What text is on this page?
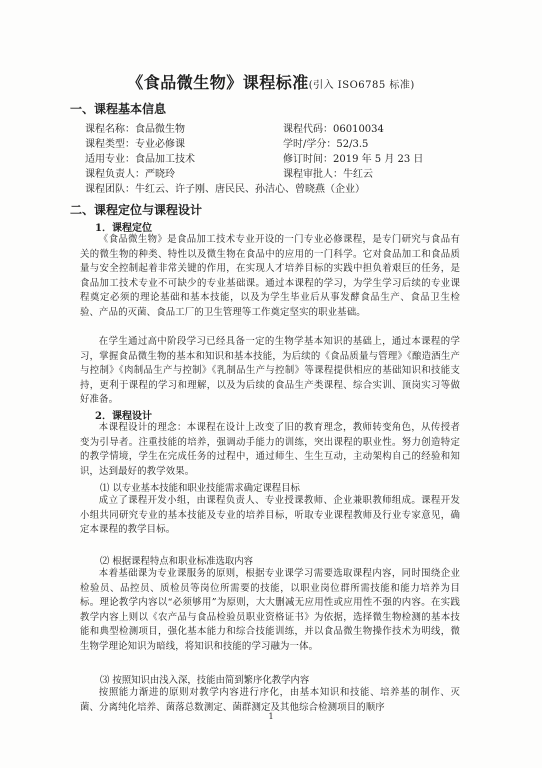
《食品微生物》课程标准(引入 ISO6785 标准)
一、课程基本信息
课程名称：食品微生物
课程类型：专业必修课
适用专业：食品加工技术
课程负责人：严晓玲
课程团队：牛红云、许子刚、唐民民、孙洁心、曾晓燕（企业）
课程代码：06010034
学时/学分：52/3.5
修订时间：2019 年 5 月 23 日
课程审批人：牛红云
二、课程定位与课程设计
1．课程定位
《食品微生物》是食品加工技术专业开设的一门专业必修课程，是专门研究与食品有关的微生物的种类、特性以及微生物在食品中的应用的一门科学。它对食品加工和食品质量与安全控制起着非常关键的作用，在实现人才培养目标的实践中担负着艰巨的任务，是食品加工技术专业不可缺少的专业基础课。通过本课程的学习，为学生学习后续的专业课程奠定必须的理论基础和基本技能，以及为学生毕业后从事发酵食品生产、食品卫生检验、产品的灭菌、食品工厂的卫生管理等工作奠定坚实的职业基础。
在学生通过高中阶段学习已经具备一定的生物学基本知识的基础上，通过本课程的学习，掌握食品微生物的基本和知识和基本技能，为后续的《食品质量与管理》《酿造酒生产与控制》《肉制品生产与控制》《乳制品生产与控制》等课程提供相应的基础知识和技能支持，更利于课程的学习和理解，以及为后续的食品生产类课程、综合实训、顶岗实习等做好准备。
2．课程设计
本课程设计的理念：本课程在设计上改变了旧的教育理念，教师转变角色，从传授者变为引导者。注重技能的培养，强调动手能力的训练，突出课程的职业性。努力创造特定的教学情境，学生在完成任务的过程中，通过师生、生生互动，主动架构自己的经验和知识，达到最好的教学效果。
⑴ 以专业基本技能和职业技能需求确定课程目标
成立了课程开发小组，由课程负责人、专业授课教师、企业兼职教师组成。课程开发小组共同研究专业的基本技能及专业的培养目标，听取专业课程教师及行业专家意见，确定本课程的教学目标。
⑵ 根据课程特点和职业标准选取内容
本着基础课为专业课服务的原则，根据专业课学习需要选取课程内容，同时围绕企业检验员、品控员、质检员等岗位所需要的技能，以职业岗位群所需技能和能力培养为目标。理论教学内容以“必须够用”为原则，大大删减无应用性或应用性不强的内容。在实践教学内容上则以《农产品与食品检验员职业资格证书》为依据，选择微生物检测的基本技能和典型检测项目，强化基本能力和综合技能训练，并以食品微生物操作技术为明线，微生物学理论知识为暗线，将知识和技能的学习融为一体。
⑶ 按照知识由浅入深，技能由简到繁序化教学内容
按照能力渐进的原则对教学内容进行序化，由基本知识和技能、培养基的制作、灭菌、分离纯化培养、菌落总数测定、菌群测定及其他综合检测项目的顺序
1
